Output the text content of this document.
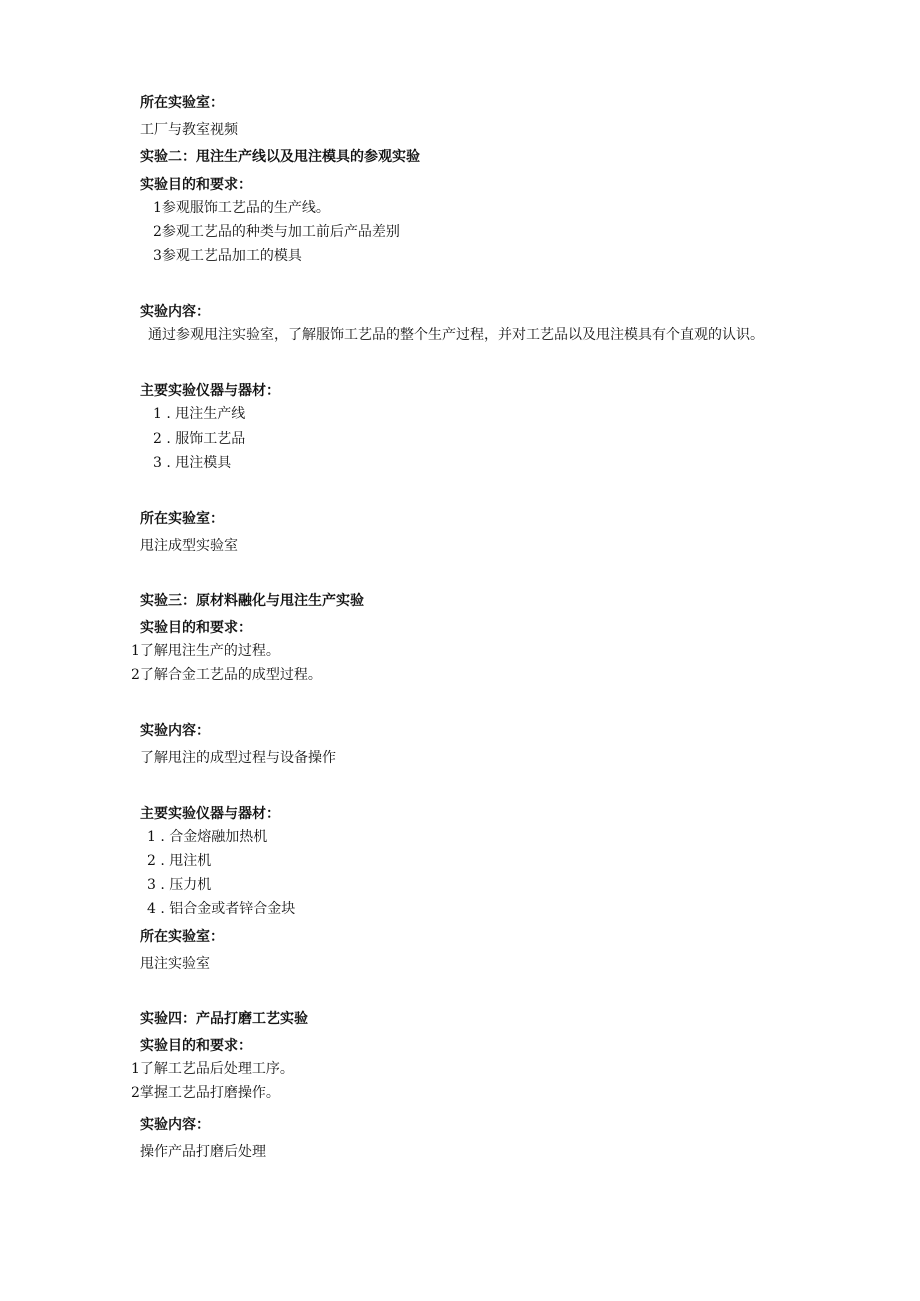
所在实验室：
工厂与教室视频
实验二：甩注生产线以及甩注模具的参观实验
实验目的和要求：
1参观服饰工艺品的生产线。
2参观工艺品的种类与加工前后产品差别
3参观工艺品加工的模具
实验内容：
通过参观甩注实验室，了解服饰工艺品的整个生产过程，并对工艺品以及甩注模具有个直观的认识。
主要实验仪器与器材：
1 . 甩注生产线
2 . 服饰工艺品
3 . 甩注模具
所在实验室：
甩注成型实验室
实验三：原材料融化与甩注生产实验
实验目的和要求：
1了解甩注生产的过程。
2了解合金工艺品的成型过程。
实验内容：
了解甩注的成型过程与设备操作
主要实验仪器与器材：
1 . 合金熔融加热机
2 . 甩注机
3 . 压力机
4 . 铝合金或者锌合金块
所在实验室：
甩注实验室
实验四：产品打磨工艺实验
实验目的和要求：
1了解工艺品后处理工序。
2掌握工艺品打磨操作。
实验内容：
操作产品打磨后处理
